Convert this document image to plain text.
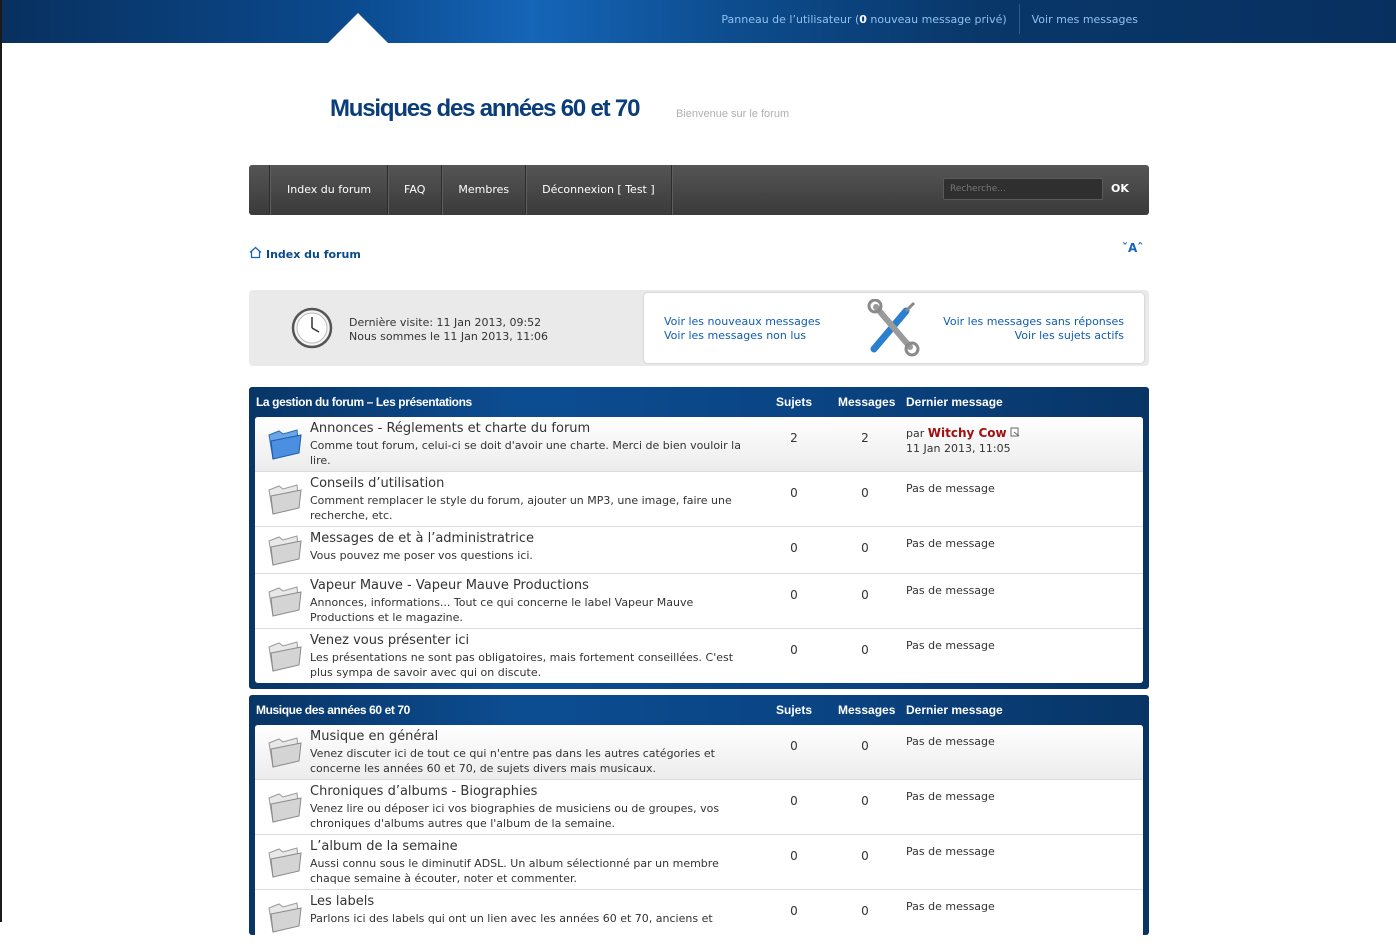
Panneau de l’utilisateur (0 nouveau message privé)	Voir mes messages
Musiques des années 60 et 70	Bienvenue sur le forum
Index du forum	FAQ	Membres	Déconnexion [ Test ]	Recherche...	OK
Index du forum	ˇAˆ
Dernière visite: 11 Jan 2013, 09:52
Nous sommes le 11 Jan 2013, 11:06
Voir les nouveaux messages
Voir les messages non lus
Voir les messages sans réponses
Voir les sujets actifs
La gestion du forum – Les présentations	Sujets Messages Dernier message
Annonces - Réglements et charte du forum
Comme tout forum, celui-ci se doit d'avoir une charte. Merci de bien vouloir la lire.
2	2	par Witchy Cow
11 Jan 2013, 11:05
Conseils d’utilisation
Comment remplacer le style du forum, ajouter un MP3, une image, faire une recherche, etc.
0	0	Pas de message
Messages de et à l’administratrice
Vous pouvez me poser vos questions ici.
0	0	Pas de message
Vapeur Mauve - Vapeur Mauve Productions
Annonces, informations... Tout ce qui concerne le label Vapeur Mauve Productions et le magazine.
0	0	Pas de message
Venez vous présenter ici
Les présentations ne sont pas obligatoires, mais fortement conseillées. C'est plus sympa de savoir avec qui on discute.
0	0	Pas de message
Musique des années 60 et 70	Sujets Messages Dernier message
Musique en général
Venez discuter ici de tout ce qui n'entre pas dans les autres catégories et concerne les années 60 et 70, de sujets divers mais musicaux.
0	0	Pas de message
Chroniques d’albums - Biographies
Venez lire ou déposer ici vos biographies de musiciens ou de groupes, vos chroniques d'albums autres que l'album de la semaine.
0	0	Pas de message
L’album de la semaine
Aussi connu sous le diminutif ADSL. Un album sélectionné par un membre chaque semaine à écouter, noter et commenter.
0	0	Pas de message
Les labels
Parlons ici des labels qui ont un lien avec les années 60 et 70, anciens et
0	0	Pas de message
